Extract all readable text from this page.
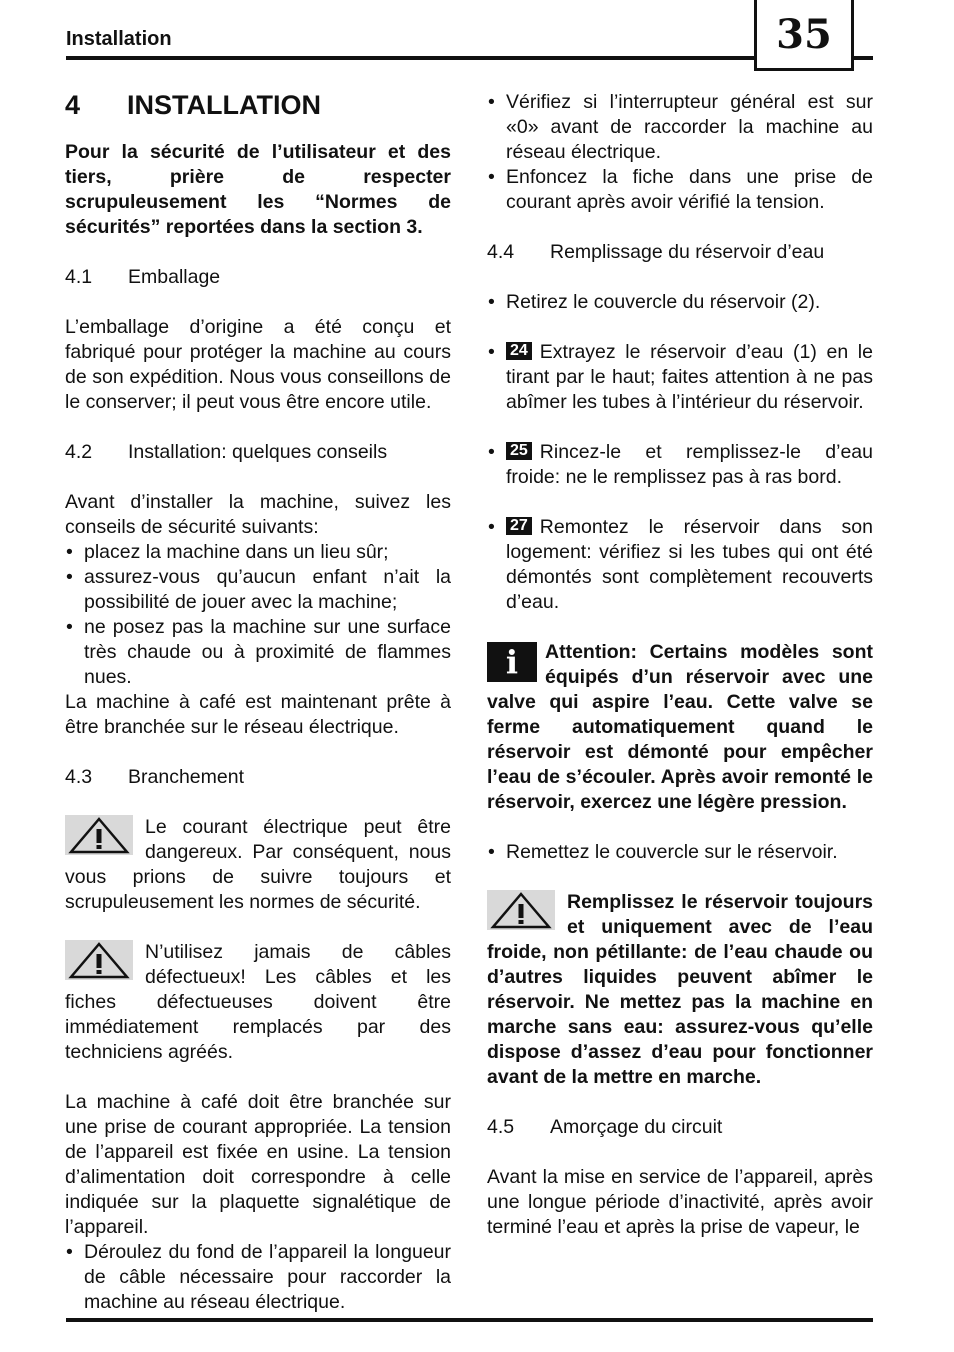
Installation	35
4 INSTALLATION

Pour la sécurité de l’utilisateur et des tiers, prière de respecter scrupuleusement les “Normes de sécurités” reportées dans la section 3.

4.1 Emballage

L’emballage d’origine a été conçu et fabriqué pour protéger la machine au cours de son expédition. Nous vous conseillons de le conserver; il peut vous être encore utile.

4.2 Installation: quelques conseils

Avant d’installer la machine, suivez les conseils de sécurité suivants:

• placez la machine dans un lieu sûr;

• assurez-vous qu’aucun enfant n’ait la possibilité de jouer avec la machine;

• ne posez pas la machine sur une surface très chaude ou à proximité de flammes nues.

La machine à café est maintenant prête à être branchée sur le réseau électrique.

4.3 Branchement

Le courant électrique peut être dangereux. Par conséquent, nous vous prions de suivre toujours et scrupuleusement les normes de sécurité.

N’utilisez jamais de câbles défectueux! Les câbles et les fiches défectueuses doivent être immédiatement remplacés par des techniciens agréés.

La machine à café doit être branchée sur une prise de courant appropriée. La tension de l’appareil est fixée en usine. La tension d’alimentation doit correspondre à celle indiquée sur la plaquette signalétique de l’appareil.

• Déroulez du fond de l’appareil la longueur de câble nécessaire pour raccorder la machine au réseau électrique.

• Vérifiez si l’interrupteur général est sur «0» avant de raccorder la machine au réseau électrique.

• Enfoncez la fiche dans une prise de courant après avoir vérifié la tension.

4.4 Remplissage du réservoir d’eau

• Retirez le couvercle du réservoir (2).

• 24 Extrayez le réservoir d’eau (1) en le tirant par le haut; faites attention à ne pas abîmer les tubes à l’intérieur du réservoir.

• 25 Rincez-le et remplissez-le d’eau froide: ne le remplissez pas à ras bord.

• 27 Remontez le réservoir dans son logement: vérifiez si les tubes qui ont été démontés sont complètement recouverts d’eau.

i	Attention: Certains modèles sont équipés d’un réservoir avec une valve qui aspire l’eau. Cette valve se ferme automatiquement quand le réservoir est démonté pour empêcher l’eau de s’écouler. Après avoir remonté le réservoir, exercez une légère pression.

• Remettez le couvercle sur le réservoir.

Remplissez le réservoir toujours et uniquement avec de l’eau froide, non pétillante: de l’eau chaude ou d’autres liquides peuvent abîmer le réservoir. Ne mettez pas la machine en marche sans eau: assurez-vous qu’elle dispose d’assez d’eau pour fonctionner avant de la mettre en marche.

4.5 Amorçage du circuit

Avant la mise en service de l’appareil, après une longue période d’inactivité, après avoir terminé l’eau et après la prise de vapeur, le
